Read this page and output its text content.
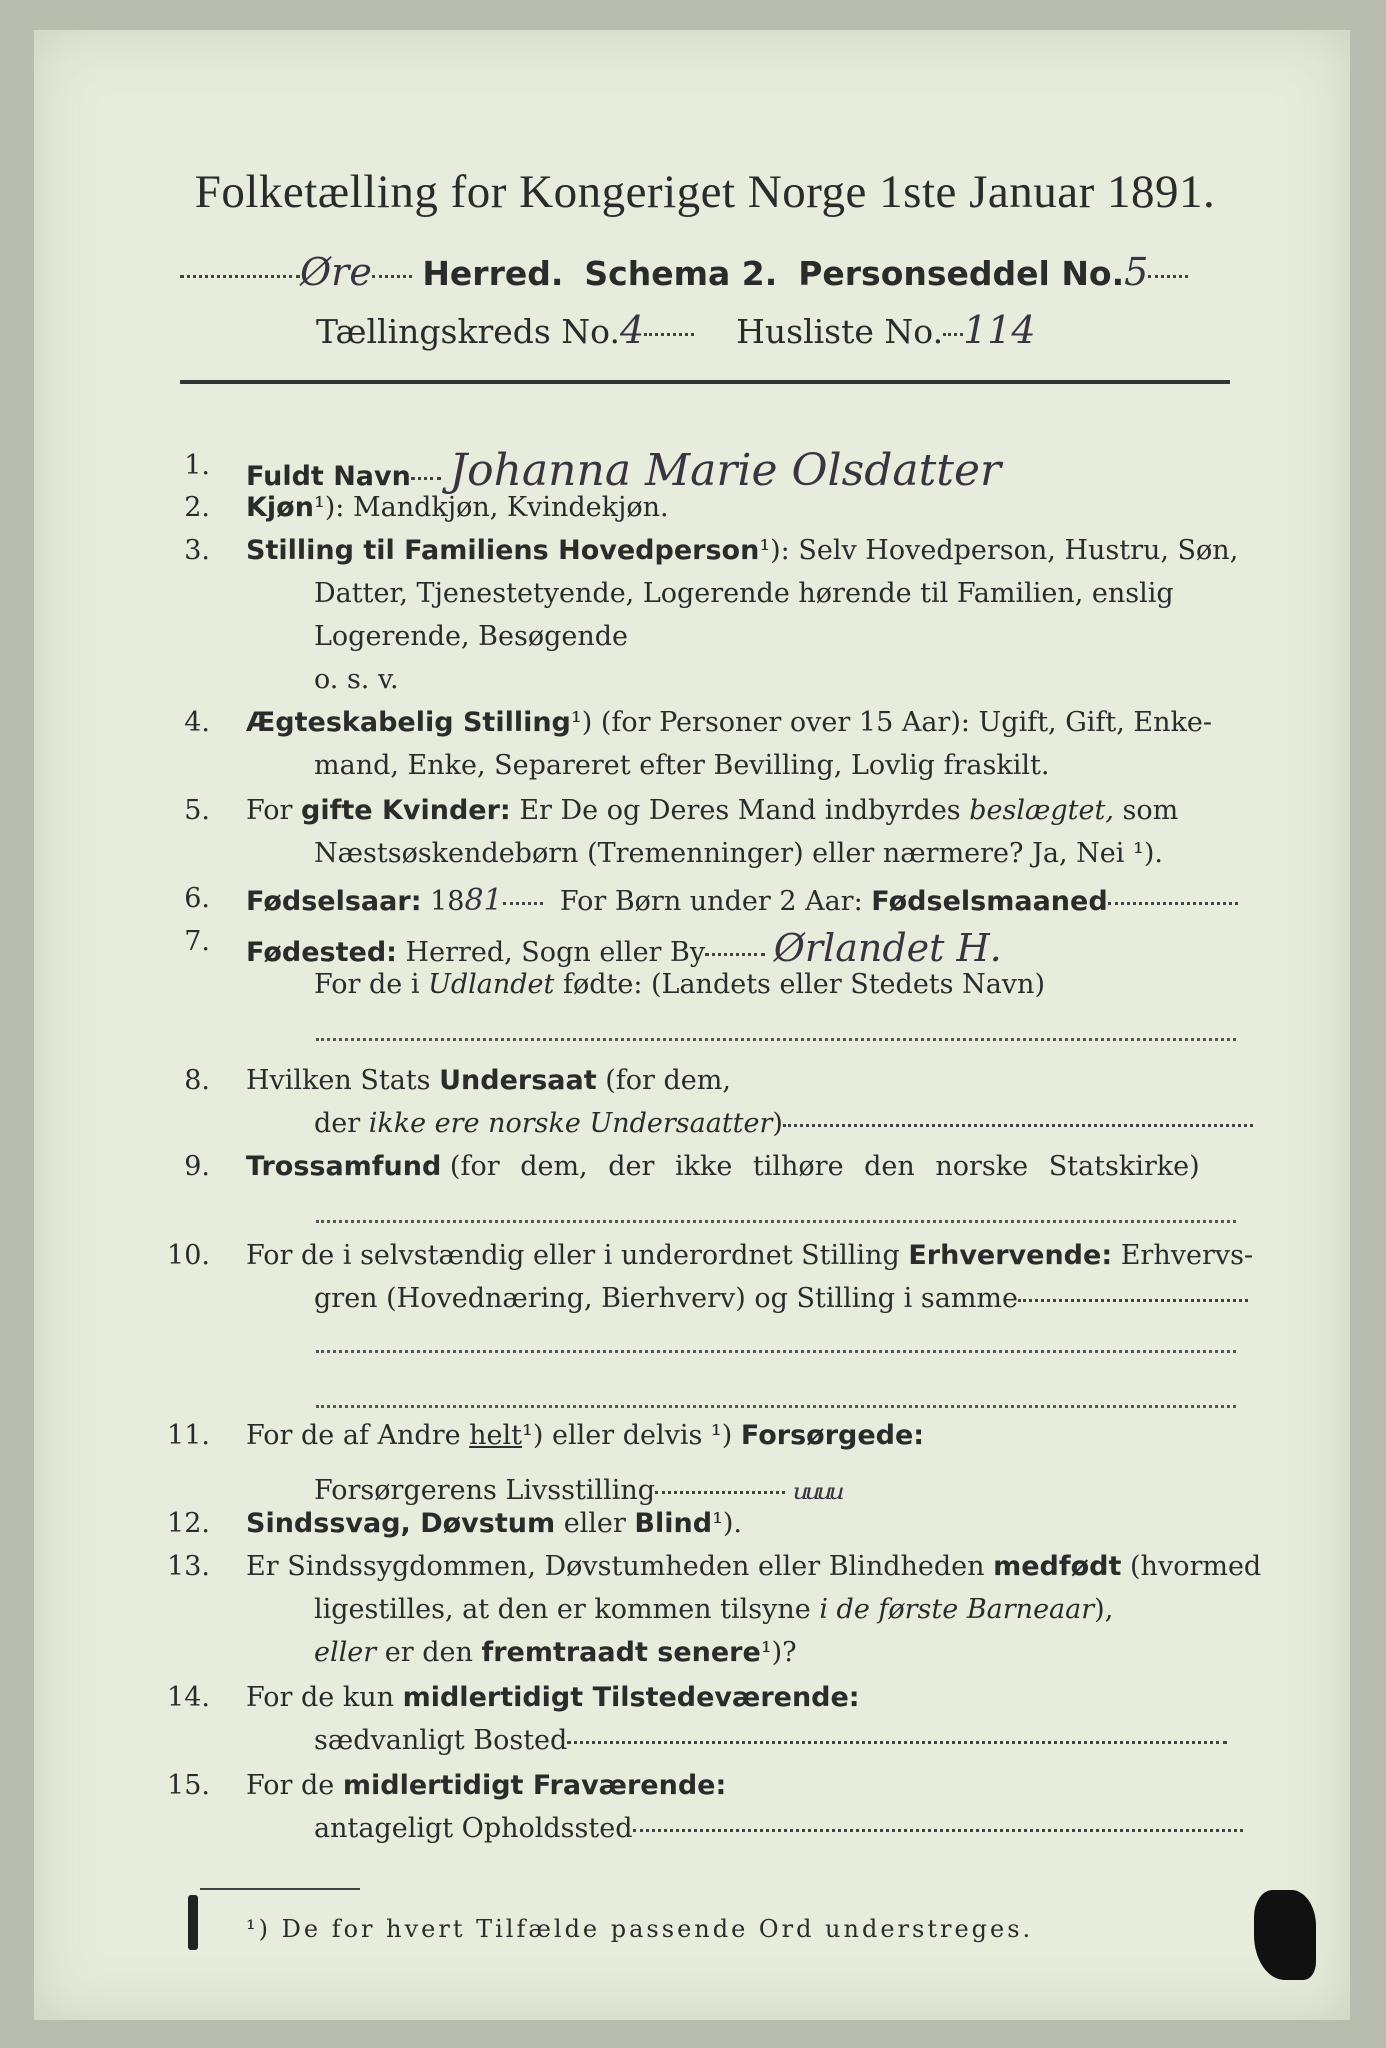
Folketælling for Kongeriget Norge 1ste Januar 1891.
Øre Herred. Schema 2. Personseddel No.5
Tællingskreds No.4	Husliste No. 114
1. Fuldt Navn Johanna Marie Olsdatter
2. Kjøn¹): Mandkjøn, Kvindekjøn.
3. Stilling til Familiens Hovedperson¹): Selv Hovedperson, Hustru, Søn,
Datter, Tjenestetyende, Logerende hørende til Familien, enslig
Logerende, Besøgende
o. s. v.
4. Ægteskabelig Stilling¹) (for Personer over 15 Aar): Ugift, Gift, Enke-
mand, Enke, Separeret efter Bevilling, Lovlig fraskilt.
5. For gifte Kvinder: Er De og Deres Mand indbyrdes beslægtet, som
Næstsøskendebørn (Tremenninger) eller nærmere? Ja, Nei ¹).
6. Fødselsaar: 1881 For Børn under 2 Aar: Fødselsmaaned
7. Fødested: Herred, Sogn eller By Ørlandet H.
For de i Udlandet fødte: (Landets eller Stedets Navn)
8. Hvilken Stats Undersaat (for dem,
der ikke ere norske Undersaatter)
9. Trossamfund (for dem, der ikke tilhøre den norske Statskirke)
10. For de i selvstændig eller i underordnet Stilling Erhvervende: Erhvervs-
gren (Hovednæring, Bierhverv) og Stilling i samme
11. For de af Andre helt¹) eller delvis ¹) Forsørgede:
Forsørgerens Livsstilling	ᵤᵤᵤᵤ
12. Sindssvag, Døvstum eller Blind¹).
13. Er Sindssygdommen, Døvstumheden eller Blindheden medfødt (hvormed
ligestilles, at den er kommen tilsyne i de første Barneaar),
eller er den fremtraadt senere¹)?
14. For de kun midlertidigt Tilstedeværende:
sædvanligt Bosted
15. For de midlertidigt Fraværende:
antageligt Opholdssted
¹) De for hvert Tilfælde passende Ord understreges.
